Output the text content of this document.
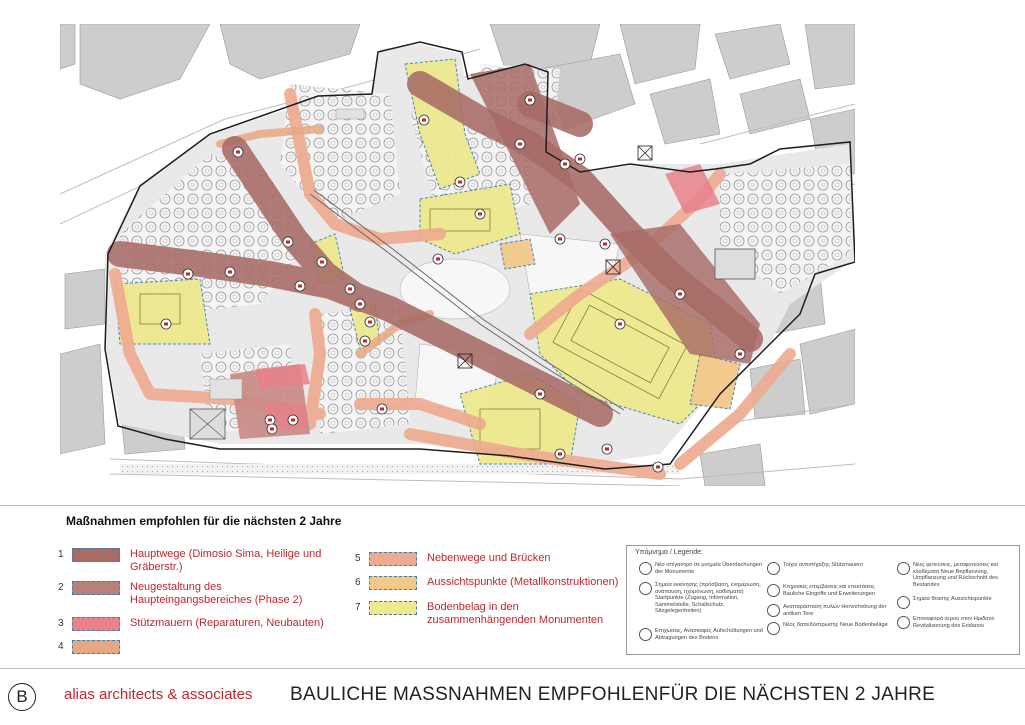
Maßnahmen empfohlen für die nächsten 2 Jahre
1	Hauptwege (Dimosio Sima, Heilige und Gräberstr.)
2	Neugestaltung des Haupteingangsbereiches (Phase 2)
3	Stützmauern (Reparaturen, Neubauten)
4
5	Nebenwege und Brücken
6	Aussichtspunkte (Metallkonstruktionen)
7	Bodenbelag in den zusammenhängenden Monumenten
Υπόμνημα / Legende:
Νέο στέγαστρο σε μνημεία Überdachungen der Monumente
Σημεία εκκίνησης (πρόσβαση, ενημέρωση, ανάπαυση, ηχομόνωση, καθίσματα) Startpunkte (Zugang, Information, Sammelstelle, Schallschutz, Sitzgelegenheiten)
Επιχώσεις, Ανασκαφές Aufschüttungen und Abtragungen des Bodens
Τοίχοι αντιστήριξης Stützmauern
Κτηριακές επεμβάσεις και επεκτάσεις Bauliche Eingriffe und Erweiterungen
Αναπαράσταση πυλών Hervorhebung der antiken Tore
Νέος δαπεδόστρωσης Neue Bodenbeläge
Νέες φυτεύσεις, μεταφυτεύσεις και κλαδέματα Neue Bepflanzung, Umpflanzung und Rückschnitt des Bestandes
Σημεία θέασης Aussichtspunkte
Επαναφορά νερού στον Ηριδανό Revitalisierung des Eridanos
B	alias architects & associates BAULICHE MASSNAHMEN EMPFOHLENFÜR DIE NÄCHSTEN 2 JAHRE
